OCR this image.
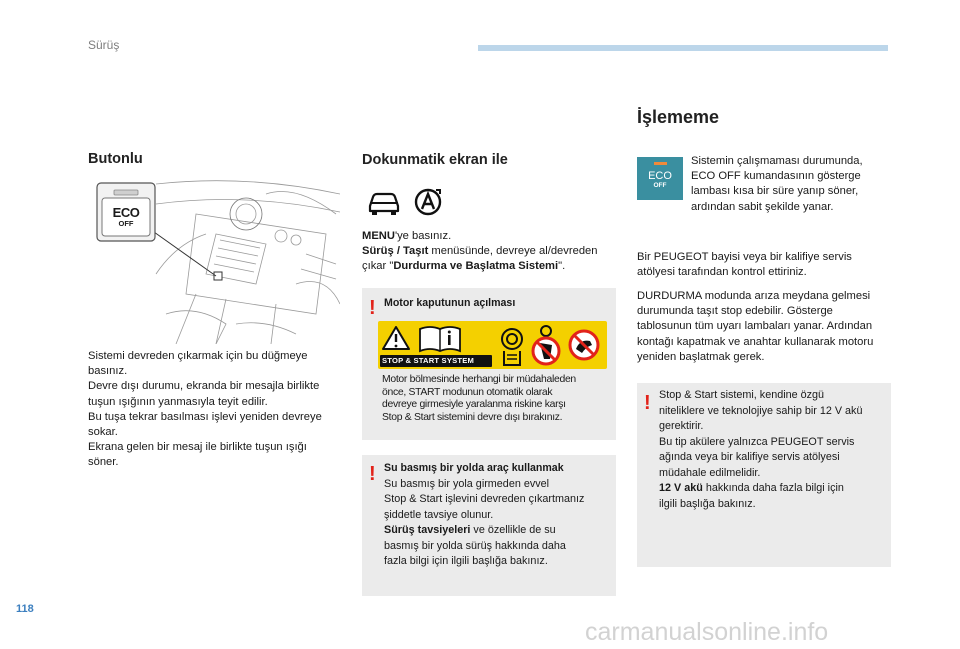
Sürüş
Butonlu
ECO
OFF
Sistemi devreden çıkarmak için bu düğmeye
basınız.
Devre dışı durumu, ekranda bir mesajla birlikte
tuşun ışığının yanmasıyla teyit edilir.
Bu tuşa tekrar basılması işlevi yeniden devreye
sokar.
Ekrana gelen bir mesaj ile birlikte tuşun ışığı
söner.
Dokunmatik ekran ile
MENU'ye basınız.
Sürüş / Taşıt menüsünde, devreye al/devreden
çıkar "Durdurma ve Başlatma Sistemi".
! Motor kaputunun açılması
STOP & START SYSTEM
Motor bölmesinde herhangi bir müdahaleden
önce, START modunun otomatik olarak
devreye girmesiyle yaralanma riskine karşı
Stop & Start sistemini devre dışı bırakınız.
! Su basmış bir yolda araç kullanmak
Su basmış bir yola girmeden evvel
Stop & Start işlevini devreden çıkartmanız
şiddetle tavsiye olunur.
Sürüş tavsiyeleri ve özellikle de su
basmış bir yolda sürüş hakkında daha
fazla bilgi için ilgili başlığa bakınız.
İşlememe
ECO
OFF
Sistemin çalışmaması durumunda,
ECO OFF kumandasının gösterge
lambası kısa bir süre yanıp söner,
ardından sabit şekilde yanar.
Bir PEUGEOT bayisi veya bir kalifiye servis
atölyesi tarafından kontrol ettiriniz.
DURDURMA modunda arıza meydana gelmesi
durumunda taşıt stop edebilir. Gösterge
tablosunun tüm uyarı lambaları yanar. Ardından
kontağı kapatmak ve anahtar kullanarak motoru
yeniden başlatmak gerek.
! Stop & Start sistemi, kendine özgü
niteliklere ve teknolojiye sahip bir 12 V akü
gerektirir.
Bu tip akülere yalnızca PEUGEOT servis
ağında veya bir kalifiye servis atölyesi
müdahale edilmelidir.
12 V akü hakkında daha fazla bilgi için
ilgili başlığa bakınız.
118
carmanualsonline.info
